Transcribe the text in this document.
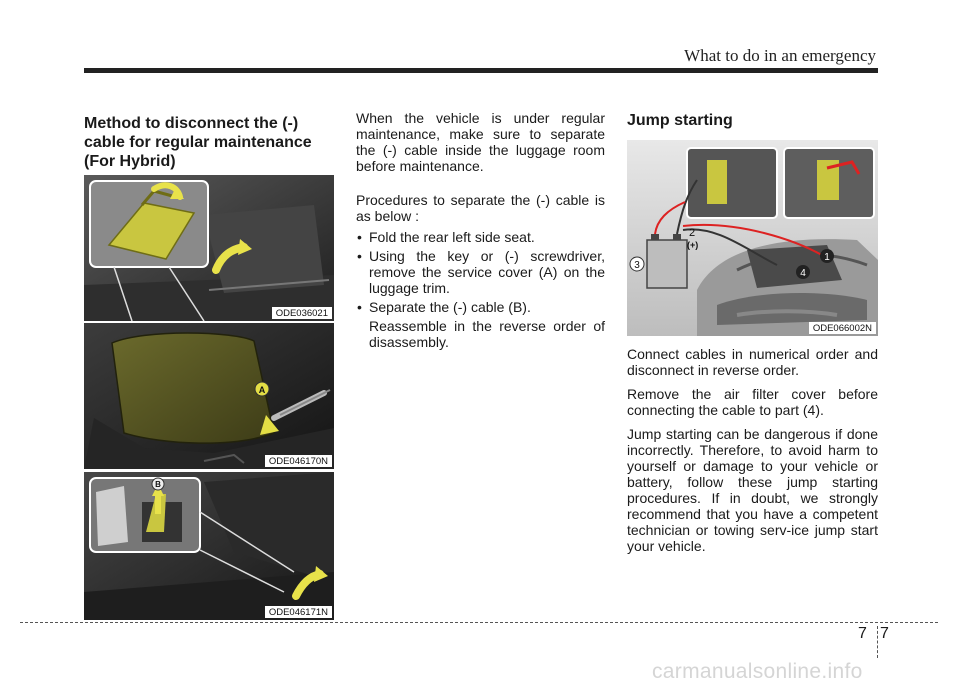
What to do in an emergency
Method to disconnect the (-)
cable for regular maintenance
(For Hybrid)
ODE036021
A
ODE046170N
B
ODE046171N

When the vehicle is under regular maintenance, make sure to separate the (-) cable inside the luggage room before maintenance.

Procedures to separate the (-) cable is as below :

• Fold the rear left side seat.
• Using the key or (-) screwdriver, remove the service cover (A) on the luggage trim.
• Separate the (-) cable (B).

Reassemble in the reverse order of disassembly.

Jump starting
2
(+)
3
1
4
ODE066002N

Connect cables in numerical order and disconnect in reverse order.

Remove the air filter cover before connecting the cable to part (4).

Jump starting can be dangerous if done incorrectly. Therefore, to avoid harm to yourself or damage to your vehicle or battery, follow these jump starting procedures. If in doubt, we strongly recommend that you have a competent technician or towing serv-ice jump start your vehicle.

7 7
carmanualsonline.info
